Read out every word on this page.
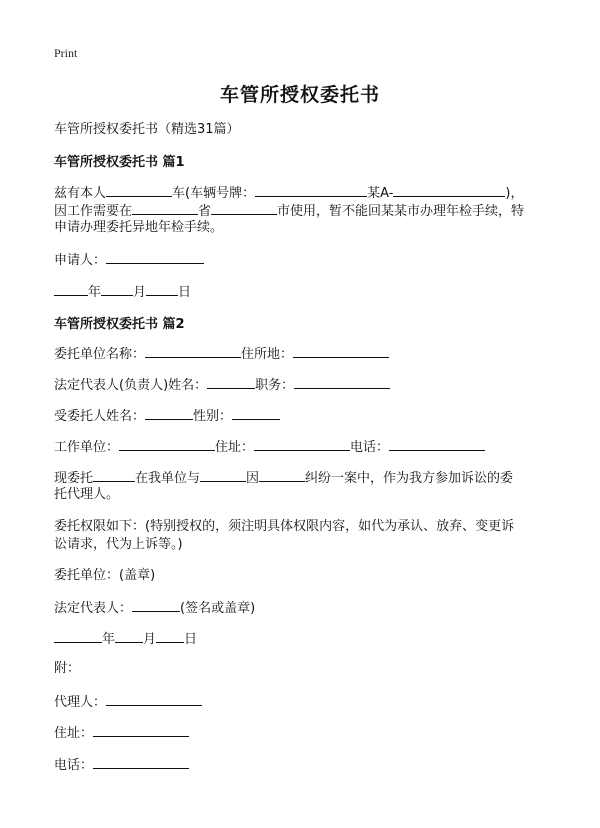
Print
车管所授权委托书
车管所授权委托书（精选31篇）
车管所授权委托书 篇1
兹有本人	车(车辆号牌：	某A-	)，
因工作需要在	省	市使用，暂不能回某某市办理年检手续，特
申请办理委托异地年检手续。
申请人：
年 月 日
车管所授权委托书 篇2
委托单位名称：	住所地：
法定代表人(负责人)姓名：	职务：
受委托人姓名：	性别：
工作单位：	住址：	电话：
现委托	在我单位与	因	纠纷一案中，作为我方参加诉讼的委
托代理人。
委托权限如下：(特别授权的，须注明具体权限内容，如代为承认、放弃、变更诉
讼请求，代为上诉等。)
委托单位：(盖章)
法定代表人：	(签名或盖章)
年 月 日
附：
代理人：
住址：
电话：
